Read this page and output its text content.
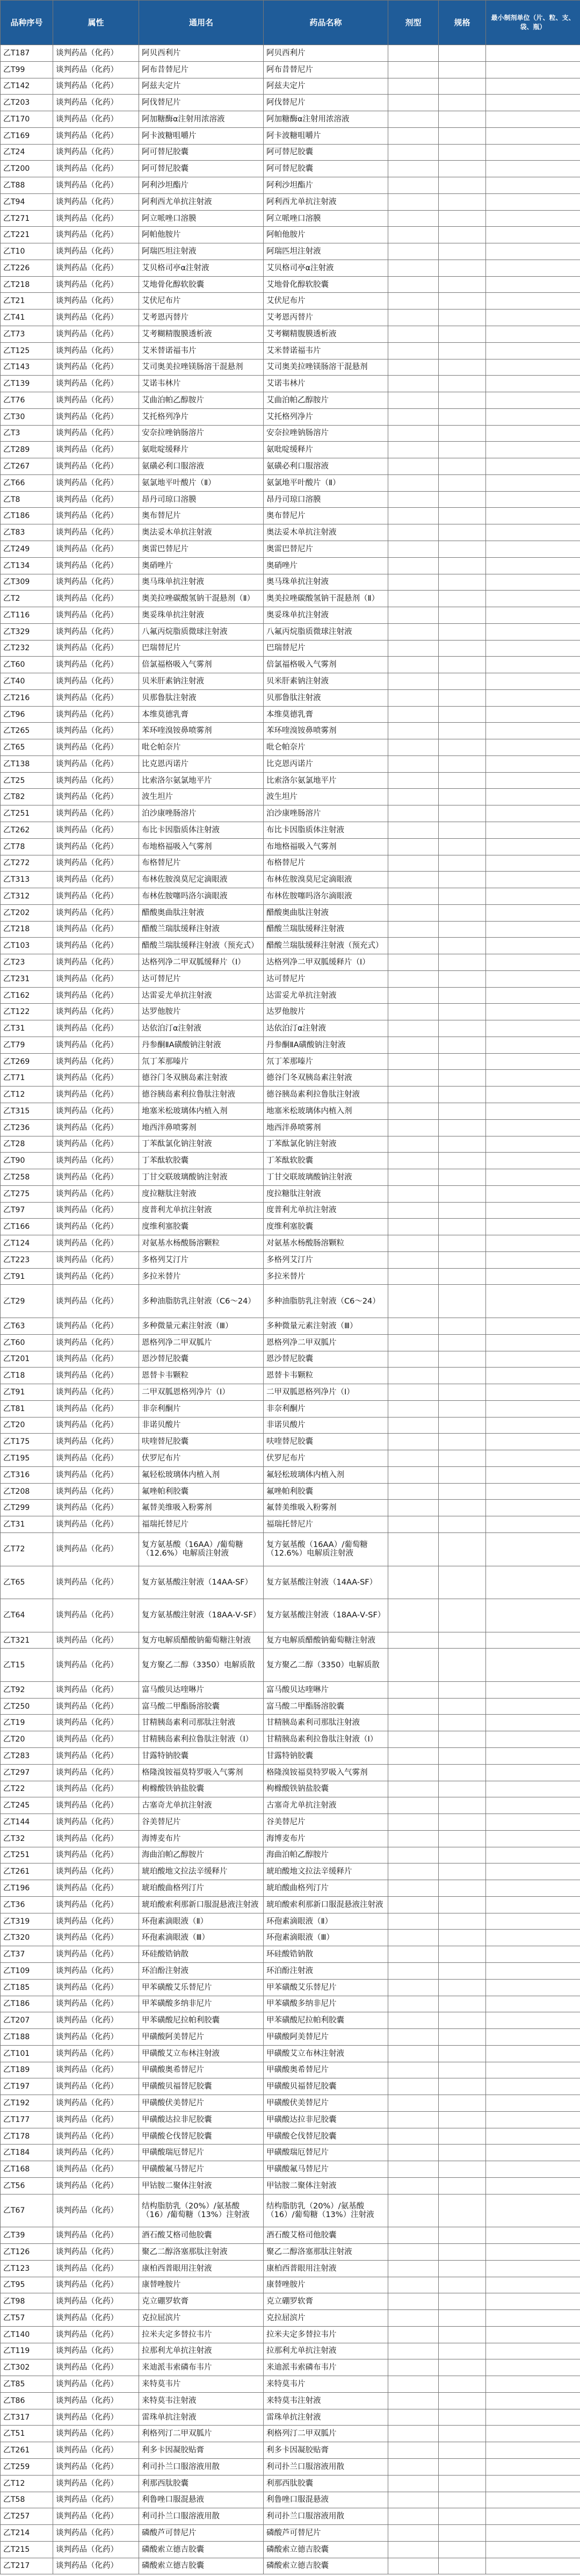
品种序号	属性	通用名	药品名称	剂型	规格	最小制剂单位（片、粒、支、袋、瓶）
乙T187	谈判药品（化药）	阿贝西利片	阿贝西利片			
乙T99	谈判药品（化药）	阿布昔替尼片	阿布昔替尼片			
乙T142	谈判药品（化药）	阿兹夫定片	阿兹夫定片			
乙T203	谈判药品（化药）	阿伐替尼片	阿伐替尼片			
乙T170	谈判药品（化药）	阿加糖酶α注射用浓溶液	阿加糖酶α注射用浓溶液			
乙T169	谈判药品（化药）	阿卡波糖咀嚼片	阿卡波糖咀嚼片			
乙T24	谈判药品（化药）	阿可替尼胶囊	阿可替尼胶囊			
乙T200	谈判药品（化药）	阿可替尼胶囊	阿可替尼胶囊			
乙T88	谈判药品（化药）	阿利沙坦酯片	阿利沙坦酯片			
乙T94	谈判药品（化药）	阿利西尤单抗注射液	阿利西尤单抗注射液			
乙T271	谈判药品（化药）	阿立哌唑口溶膜	阿立哌唑口溶膜			
乙T221	谈判药品（化药）	阿帕他胺片	阿帕他胺片			
乙T10	谈判药品（化药）	阿瑞匹坦注射液	阿瑞匹坦注射液			
乙T226	谈判药品（化药）	艾贝格司亭α注射液	艾贝格司亭α注射液			
乙T218	谈判药品（化药）	艾地骨化醇软胶囊	艾地骨化醇软胶囊			
乙T21	谈判药品（化药）	艾伏尼布片	艾伏尼布片			
乙T41	谈判药品（化药）	艾考恩丙替片	艾考恩丙替片			
乙T73	谈判药品（化药）	艾考糊精腹膜透析液	艾考糊精腹膜透析液			
乙T125	谈判药品（化药）	艾米替诺福韦片	艾米替诺福韦片			
乙T143	谈判药品（化药）	艾司奥美拉唑镁肠溶干混悬剂	艾司奥美拉唑镁肠溶干混悬剂			
乙T139	谈判药品（化药）	艾诺韦林片	艾诺韦林片			
乙T76	谈判药品（化药）	艾曲泊帕乙醇胺片	艾曲泊帕乙醇胺片			
乙T30	谈判药品（化药）	艾托格列净片	艾托格列净片			
乙T3	谈判药品（化药）	安奈拉唑钠肠溶片	安奈拉唑钠肠溶片			
乙T289	谈判药品（化药）	氨吡啶缓释片	氨吡啶缓释片			
乙T267	谈判药品（化药）	氨磺必利口服溶液	氨磺必利口服溶液			
乙T66	谈判药品（化药）	氨氯地平叶酸片（Ⅱ）	氨氯地平叶酸片（Ⅱ）			
乙T8	谈判药品（化药）	昂丹司琼口溶膜	昂丹司琼口溶膜			
乙T186	谈判药品（化药）	奥布替尼片	奥布替尼片			
乙T83	谈判药品（化药）	奥法妥木单抗注射液	奥法妥木单抗注射液			
乙T249	谈判药品（化药）	奥雷巴替尼片	奥雷巴替尼片			
乙T134	谈判药品（化药）	奥硝唑片	奥硝唑片			
乙T309	谈判药品（化药）	奥马珠单抗注射液	奥马珠单抗注射液			
乙T2	谈判药品（化药）	奥美拉唑碳酸氢钠干混悬剂（Ⅱ）	奥美拉唑碳酸氢钠干混悬剂（Ⅱ）			
乙T116	谈判药品（化药）	奥妥珠单抗注射液	奥妥珠单抗注射液			
乙T329	谈判药品（化药）	八氟丙烷脂质微球注射液	八氟丙烷脂质微球注射液			
乙T232	谈判药品（化药）	巴瑞替尼片	巴瑞替尼片			
乙T60	谈判药品（化药）	倍氯福格吸入气雾剂	倍氯福格吸入气雾剂			
乙T40	谈判药品（化药）	贝米肝素钠注射液	贝米肝素钠注射液			
乙T216	谈判药品（化药）	贝那鲁肽注射液	贝那鲁肽注射液			
乙T96	谈判药品（化药）	本维莫德乳膏	本维莫德乳膏			
乙T265	谈判药品（化药）	苯环喹溴铵鼻喷雾剂	苯环喹溴铵鼻喷雾剂			
乙T65	谈判药品（化药）	吡仑帕奈片	吡仑帕奈片			
乙T138	谈判药品（化药）	比克恩丙诺片	比克恩丙诺片			
乙T25	谈判药品（化药）	比索洛尔氨氯地平片	比索洛尔氨氯地平片			
乙T82	谈判药品（化药）	波生坦片	波生坦片			
乙T251	谈判药品（化药）	泊沙康唑肠溶片	泊沙康唑肠溶片			
乙T262	谈判药品（化药）	布比卡因脂质体注射液	布比卡因脂质体注射液			
乙T78	谈判药品（化药）	布地格福吸入气雾剂	布地格福吸入气雾剂			
乙T272	谈判药品（化药）	布格替尼片	布格替尼片			
乙T313	谈判药品（化药）	布林佐胺溴莫尼定滴眼液	布林佐胺溴莫尼定滴眼液			
乙T312	谈判药品（化药）	布林佐胺噻吗洛尔滴眼液	布林佐胺噻吗洛尔滴眼液			
乙T202	谈判药品（化药）	醋酸奥曲肽注射液	醋酸奥曲肽注射液			
乙T218	谈判药品（化药）	醋酸兰瑞肽缓释注射液	醋酸兰瑞肽缓释注射液			
乙T103	谈判药品（化药）	醋酸兰瑞肽缓释注射液（预充式）	醋酸兰瑞肽缓释注射液（预充式）			
乙T23	谈判药品（化药）	达格列净二甲双胍缓释片（Ⅰ）	达格列净二甲双胍缓释片（Ⅰ）			
乙T231	谈判药品（化药）	达可替尼片	达可替尼片			
乙T162	谈判药品（化药）	达雷妥尤单抗注射液	达雷妥尤单抗注射液			
乙T122	谈判药品（化药）	达罗他胺片	达罗他胺片			
乙T31	谈判药品（化药）	达依泊汀α注射液	达依泊汀α注射液			
乙T79	谈判药品（化药）	丹参酮ⅡA磺酸钠注射液	丹参酮ⅡA磺酸钠注射液			
乙T269	谈判药品（化药）	氘丁苯那嗪片	氘丁苯那嗪片			
乙T71	谈判药品（化药）	德谷门冬双胰岛素注射液	德谷门冬双胰岛素注射液			
乙T12	谈判药品（化药）	德谷胰岛素利拉鲁肽注射液	德谷胰岛素利拉鲁肽注射液			
乙T315	谈判药品（化药）	地塞米松玻璃体内植入剂	地塞米松玻璃体内植入剂			
乙T236	谈判药品（化药）	地西泮鼻喷雾剂	地西泮鼻喷雾剂			
乙T28	谈判药品（化药）	丁苯酞氯化钠注射液	丁苯酞氯化钠注射液			
乙T90	谈判药品（化药）	丁苯酞软胶囊	丁苯酞软胶囊			
乙T258	谈判药品（化药）	丁甘交联玻璃酸钠注射液	丁甘交联玻璃酸钠注射液			
乙T275	谈判药品（化药）	度拉糖肽注射液	度拉糖肽注射液			
乙T97	谈判药品（化药）	度普利尤单抗注射液	度普利尤单抗注射液			
乙T166	谈判药品（化药）	度维利塞胶囊	度维利塞胶囊			
乙T124	谈判药品（化药）	对氨基水杨酸肠溶颗粒	对氨基水杨酸肠溶颗粒			
乙T223	谈判药品（化药）	多格列艾汀片	多格列艾汀片			
乙T91	谈判药品（化药）	多拉米替片	多拉米替片			
乙T29	谈判药品（化药）	多种油脂肪乳注射液（C6～24）	多种油脂肪乳注射液（C6～24）			
乙T63	谈判药品（化药）	多种微量元素注射液（Ⅲ）	多种微量元素注射液（Ⅲ）			
乙T60	谈判药品（化药）	恩格列净二甲双胍片	恩格列净二甲双胍片			
乙T201	谈判药品（化药）	恩沙替尼胶囊	恩沙替尼胶囊			
乙T18	谈判药品（化药）	恩替卡韦颗粒	恩替卡韦颗粒			
乙T91	谈判药品（化药）	二甲双胍恩格列净片（Ⅰ）	二甲双胍恩格列净片（Ⅰ）			
乙T81	谈判药品（化药）	非奈利酮片	非奈利酮片			
乙T20	谈判药品（化药）	非诺贝酸片	非诺贝酸片			
乙T175	谈判药品（化药）	呋喹替尼胶囊	呋喹替尼胶囊			
乙T195	谈判药品（化药）	伏罗尼布片	伏罗尼布片			
乙T316	谈判药品（化药）	氟轻松玻璃体内植入剂	氟轻松玻璃体内植入剂			
乙T208	谈判药品（化药）	氟唑帕利胶囊	氟唑帕利胶囊			
乙T299	谈判药品（化药）	氟替美维吸入粉雾剂	氟替美维吸入粉雾剂			
乙T31	谈判药品（化药）	福瑞托替尼片	福瑞托替尼片			
乙T72	谈判药品（化药）	复方氨基酸（16AA）/葡萄糖（12.6%）电解质注射液	复方氨基酸（16AA）/葡萄糖（12.6%）电解质注射液			
乙T65	谈判药品（化药）	复方氨基酸注射液（14AA-SF）	复方氨基酸注射液（14AA-SF）			
乙T64	谈判药品（化药）	复方氨基酸注射液（18AA-Ⅴ-SF）	复方氨基酸注射液（18AA-Ⅴ-SF）			
乙T321	谈判药品（化药）	复方电解质醋酸钠葡萄糖注射液	复方电解质醋酸钠葡萄糖注射液			
乙T15	谈判药品（化药）	复方聚乙二醇（3350）电解质散	复方聚乙二醇（3350）电解质散			
乙T92	谈判药品（化药）	富马酸贝达喹啉片	富马酸贝达喹啉片			
乙T250	谈判药品（化药）	富马酸二甲酯肠溶胶囊	富马酸二甲酯肠溶胶囊			
乙T19	谈判药品（化药）	甘精胰岛素利司那肽注射液	甘精胰岛素利司那肽注射液			
乙T20	谈判药品（化药）	甘精胰岛素利拉鲁肽注射液（Ⅰ）	甘精胰岛素利拉鲁肽注射液（Ⅰ）			
乙T283	谈判药品（化药）	甘露特钠胶囊	甘露特钠胶囊			
乙T297	谈判药品（化药）	格隆溴铵福莫特罗吸入气雾剂	格隆溴铵福莫特罗吸入气雾剂			
乙T22	谈判药品（化药）	枸橼酸铁钠盐胶囊	枸橼酸铁钠盐胶囊			
乙T245	谈判药品（化药）	古塞奇尤单抗注射液	古塞奇尤单抗注射液			
乙T144	谈判药品（化药）	谷美替尼片	谷美替尼片			
乙T32	谈判药品（化药）	海博麦布片	海博麦布片			
乙T251	谈判药品（化药）	海曲泊帕乙醇胺片	海曲泊帕乙醇胺片			
乙T261	谈判药品（化药）	琥珀酸地文拉法辛缓释片	琥珀酸地文拉法辛缓释片			
乙T196	谈判药品（化药）	琥珀酸曲格列汀片	琥珀酸曲格列汀片			
乙T36	谈判药品（化药）	琥珀酸索利那新口服混悬液注射液	琥珀酸索利那新口服混悬液注射液			
乙T319	谈判药品（化药）	环孢素滴眼液（Ⅱ）	环孢素滴眼液（Ⅱ）			
乙T320	谈判药品（化药）	环孢素滴眼液（Ⅲ）	环孢素滴眼液（Ⅲ）			
乙T37	谈判药品（化药）	环硅酸锆钠散	环硅酸锆钠散			
乙T109	谈判药品（化药）	环泊酚注射液	环泊酚注射液			
乙T185	谈判药品（化药）	甲苯磺酸艾乐替尼片	甲苯磺酸艾乐替尼片			
乙T186	谈判药品（化药）	甲苯磺酸多纳非尼片	甲苯磺酸多纳非尼片			
乙T207	谈判药品（化药）	甲苯磺酸尼拉帕利胶囊	甲苯磺酸尼拉帕利胶囊			
乙T188	谈判药品（化药）	甲磺酸阿美替尼片	甲磺酸阿美替尼片			
乙T101	谈判药品（化药）	甲磺酸艾立布林注射液	甲磺酸艾立布林注射液			
乙T189	谈判药品（化药）	甲磺酸奥希替尼片	甲磺酸奥希替尼片			
乙T197	谈判药品（化药）	甲磺酸贝福替尼胶囊	甲磺酸贝福替尼胶囊			
乙T192	谈判药品（化药）	甲磺酸伏美替尼片	甲磺酸伏美替尼片			
乙T177	谈判药品（化药）	甲磺酸达拉非尼胶囊	甲磺酸达拉非尼胶囊			
乙T178	谈判药品（化药）	甲磺酸仑伐替尼胶囊	甲磺酸仑伐替尼胶囊			
乙T184	谈判药品（化药）	甲磺酸瑞厄替尼片	甲磺酸瑞厄替尼片			
乙T168	谈判药品（化药）	甲磺酸氟马替尼片	甲磺酸氟马替尼片			
乙T56	谈判药品（化药）	甲钴胺二聚体注射液	甲钴胺二聚体注射液			
乙T67	谈判药品（化药）	结构脂肪乳（20%）/氨基酸（16）/葡萄糖（13%）注射液	结构脂肪乳（20%）/氨基酸（16）/葡萄糖（13%）注射液			
乙T39	谈判药品（化药）	酒石酸艾格司他胶囊	酒石酸艾格司他胶囊			
乙T126	谈判药品（化药）	聚乙二醇洛塞那肽注射液	聚乙二醇洛塞那肽注射液			
乙T123	谈判药品（化药）	康柏西普眼用注射液	康柏西普眼用注射液			
乙T95	谈判药品（化药）	康替唑胺片	康替唑胺片			
乙T98	谈判药品（化药）	克立硼罗软膏	克立硼罗软膏			
乙T57	谈判药品（化药）	克拉屈滨片	克拉屈滨片			
乙T140	谈判药品（化药）	拉米夫定多替拉韦片	拉米夫定多替拉韦片			
乙T119	谈判药品（化药）	拉那利尤单抗注射液	拉那利尤单抗注射液			
乙T302	谈判药品（化药）	来迪派韦索磷布韦片	来迪派韦索磷布韦片			
乙T85	谈判药品（化药）	来特莫韦片	来特莫韦片			
乙T86	谈判药品（化药）	来特莫韦注射液	来特莫韦注射液			
乙T317	谈判药品（化药）	雷珠单抗注射液	雷珠单抗注射液			
乙T51	谈判药品（化药）	利格列汀二甲双胍片	利格列汀二甲双胍片			
乙T261	谈判药品（化药）	利多卡因凝胶贴膏	利多卡因凝胶贴膏			
乙T259	谈判药品（化药）	利司扑兰口服溶液用散	利司扑兰口服溶液用散			
乙T12	谈判药品（化药）	利那西肽胶囊	利那西肽胶囊			
乙T58	谈判药品（化药）	利鲁唑口服混悬液	利鲁唑口服混悬液			
乙T257	谈判药品（化药）	利司扑兰口服溶液用散	利司扑兰口服溶液用散			
乙T214	谈判药品（化药）	磷酸芦可替尼片	磷酸芦可替尼片			
乙T215	谈判药品（化药）	磷酸索立德吉胶囊	磷酸索立德吉胶囊			
乙T217	谈判药品（化药）	磷酸索立德吉胶囊	磷酸索立德吉胶囊			
